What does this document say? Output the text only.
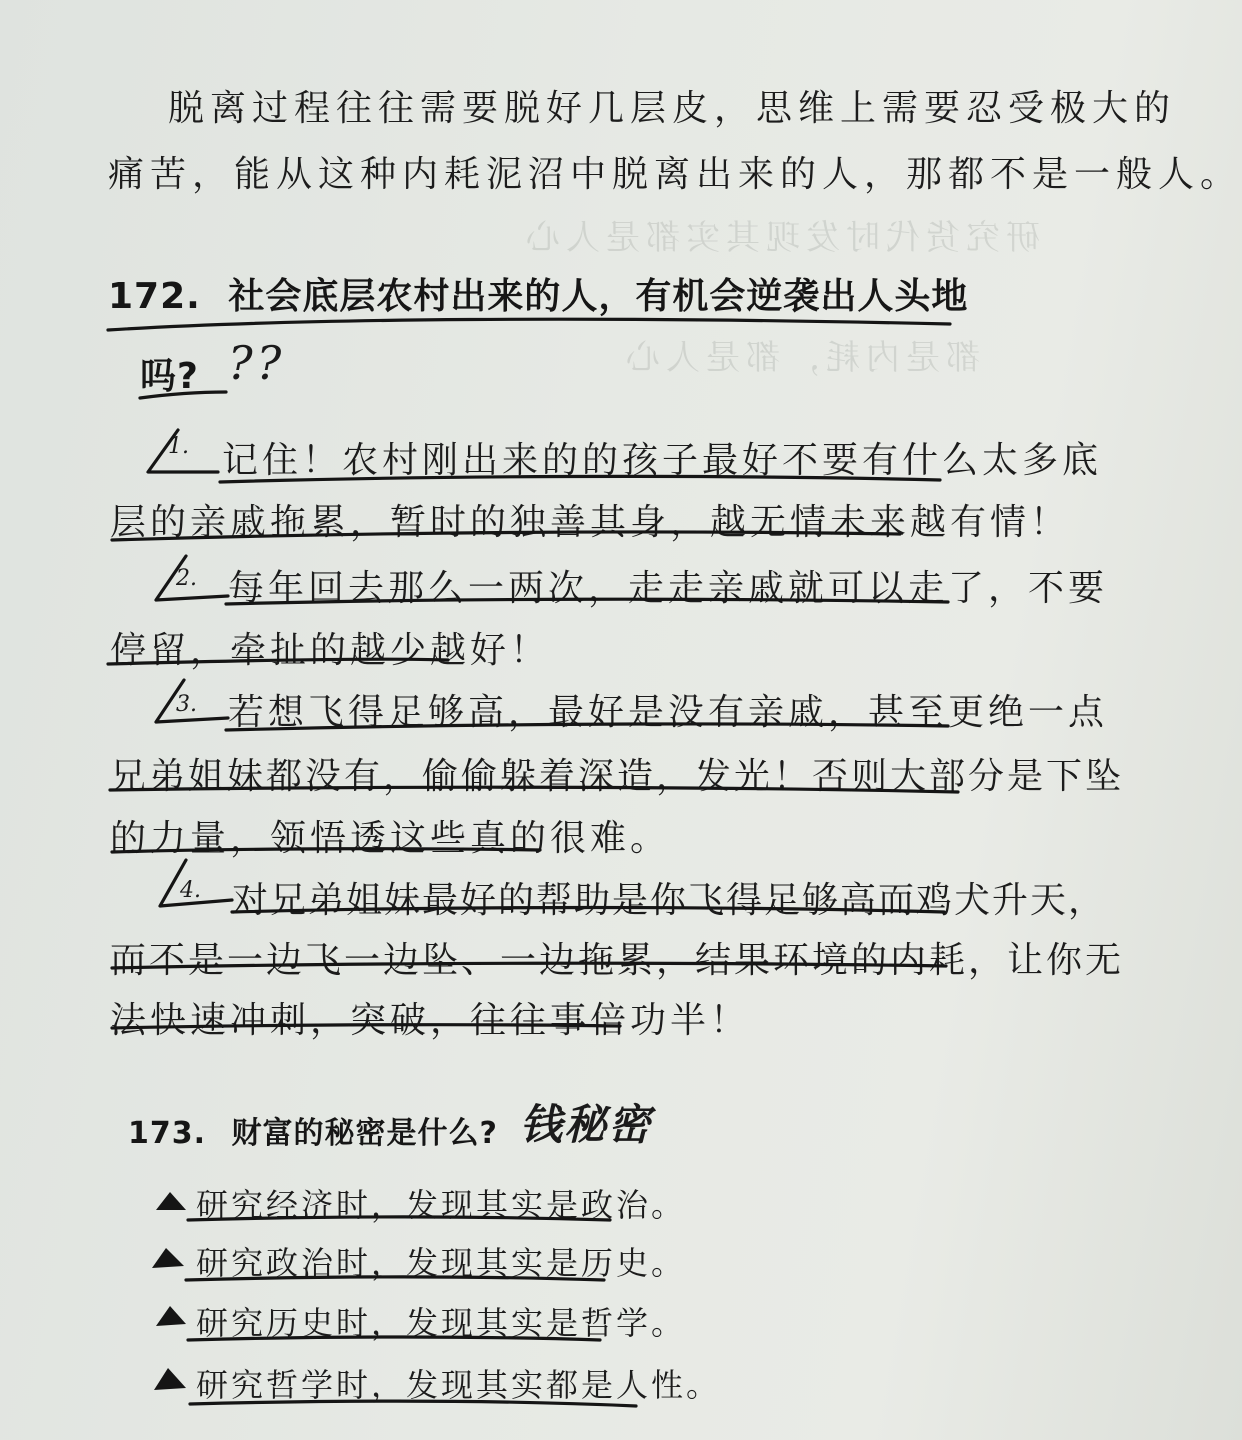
研究货代时发现其实都是人心
都是内耗，都是人心
脱离过程往往需要脱好几层皮，思维上需要忍受极大的
痛苦，能从这种内耗泥沼中脱离出来的人，那都不是一般人。
172. 社会底层农村出来的人，有机会逆袭出人头地
吗? ??
1. 记住！农村刚出来的的孩子最好不要有什么太多底
层的亲戚拖累，暂时的独善其身，越无情未来越有情！
2. 每年回去那么一两次，走走亲戚就可以走了，不要
停留，牵扯的越少越好！
3. 若想飞得足够高，最好是没有亲戚，甚至更绝一点
兄弟姐妹都没有，偷偷躲着深造，发光！否则大部分是下坠
的力量，领悟透这些真的很难。
4. 对兄弟姐妹最好的帮助是你飞得足够高而鸡犬升天，
而不是一边飞一边坠、一边拖累，结果环境的内耗，让你无
法快速冲刺，突破，往往事倍功半！
173. 财富的秘密是什么? 钱秘密
研究经济时，发现其实是政治。
研究政治时，发现其实是历史。
研究历史时，发现其实是哲学。
研究哲学时，发现其实都是人性。
